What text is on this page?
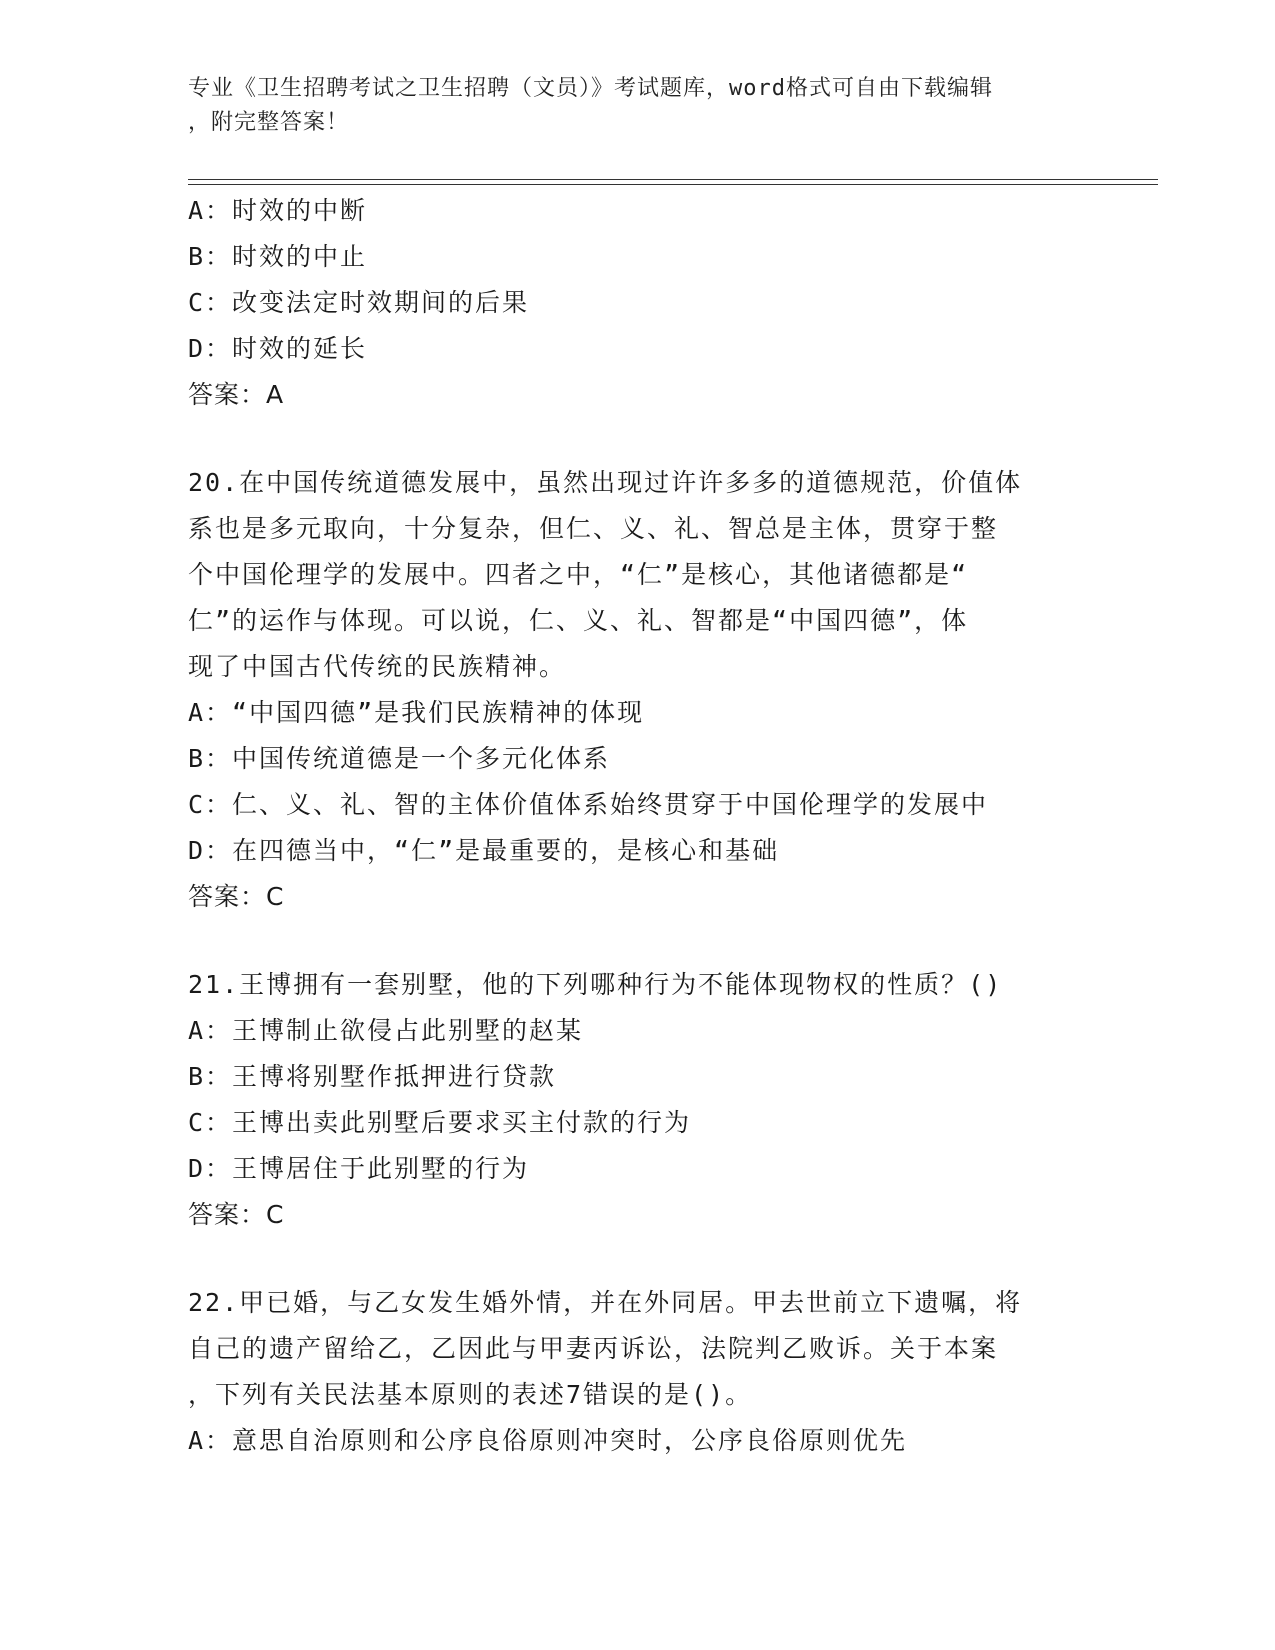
专业《卫生招聘考试之卫生招聘（文员）》考试题库，word格式可自由下载编辑
，附完整答案！
A：时效的中断
B：时效的中止
C：改变法定时效期间的后果
D：时效的延长
答案：A
20.在中国传统道德发展中，虽然出现过许许多多的道德规范，价值体
系也是多元取向，十分复杂，但仁、义、礼、智总是主体，贯穿于整
个中国伦理学的发展中。四者之中，“仁”是核心，其他诸德都是“
仁”的运作与体现。可以说，仁、义、礼、智都是“中国四德”，体
现了中国古代传统的民族精神。
A：“中国四德”是我们民族精神的体现
B：中国传统道德是一个多元化体系
C：仁、义、礼、智的主体价值体系始终贯穿于中国伦理学的发展中
D：在四德当中，“仁”是最重要的，是核心和基础
答案：C
21.王博拥有一套别墅，他的下列哪种行为不能体现物权的性质？()
A：王博制止欲侵占此别墅的赵某
B：王博将别墅作抵押进行贷款
C：王博出卖此别墅后要求买主付款的行为
D：王博居住于此别墅的行为
答案：C
22.甲已婚，与乙女发生婚外情，并在外同居。甲去世前立下遗嘱，将
自己的遗产留给乙，乙因此与甲妻丙诉讼，法院判乙败诉。关于本案
，下列有关民法基本原则的表述7错误的是()。
A：意思自治原则和公序良俗原则冲突时，公序良俗原则优先
